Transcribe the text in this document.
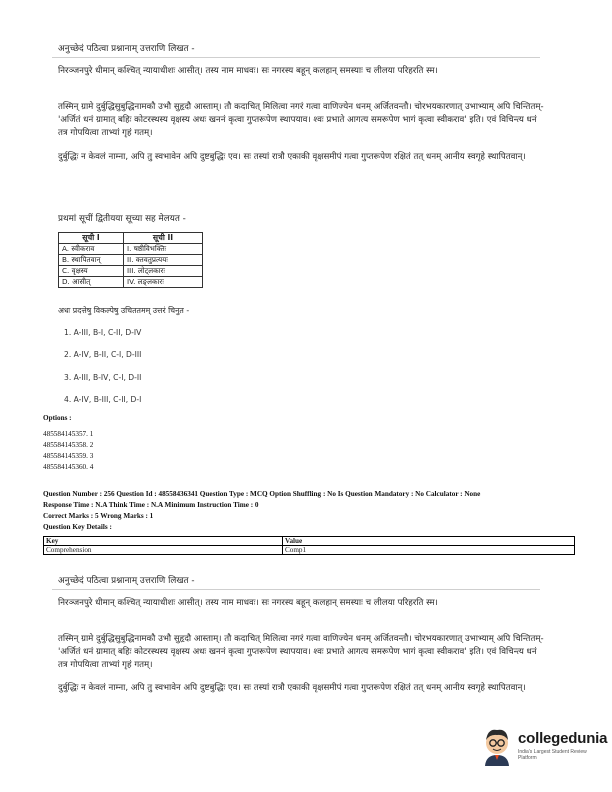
अनुच्छेदं पठित्वा प्रश्नानाम् उत्तराणि लिखत -
निरञ्जनपुरे धीमान् कश्चित् न्यायाधीशः आसीत्। तस्य नाम माधवः। सः नगरस्य बहून् कलहान् समस्याः च लीलया परिहरति स्म।
तस्मिन् ग्रामे दुर्बुद्धिसुबुद्धिनामकौ उभौ सुहृदौ आस्ताम्। तौ कदाचित् मिलित्वा नगरं गत्वा वाणिज्येन धनम् अर्जितवन्तौ। चोरभयकारणात् उभाभ्याम् अपि चिन्तितम्- 'अर्जितं धनं ग्रामात् बहिः कोटरस्थस्य वृक्षस्य अधः खननं कृत्वा गुप्तरूपेण स्थापयाव। श्वः प्रभाते आगत्य समरूपेण भागं कृत्वा स्वीकराव' इति। एवं विचिन्त्य धनं तत्र गोपयित्वा ताभ्यां गृहं गतम्।
दुर्बुद्धिः न केवलं नाम्ना, अपि तु स्वभावेन अपि दुष्टबुद्धिः एव। सः तस्यां रात्रौ एकाकी वृक्षसमीपं गत्वा गुप्तरूपेण रक्षितं तत् धनम् आनीय स्वगृहे स्थापितवान्।
प्रथमां सूचीं द्वितीयया सूच्या सह मेलयत -
सूची I	सूची II
A. स्वीकराव	I. षष्ठीविभक्तिः
B. स्थापितवान्	II. क्तवतुप्रत्ययः
C. वृक्षस्य	III. लोट्लकारः
D. आसीत्	IV. लङ्लकारः
अधः प्रदत्तेषु विकल्पेषु उचिततमम् उत्तरं चिनुत -
1. A-III, B-I, C-II, D-IV
2. A-IV, B-II, C-I, D-III
3. A-III, B-IV, C-I, D-II
4. A-IV, B-III, C-II, D-I
Options :
485584145357. 1
485584145358. 2
485584145359. 3
485584145360. 4
Question Number : 256 Question Id : 48558436341 Question Type : MCQ Option Shuffling : No Is Question Mandatory : No Calculator : None
Response Time : N.A Think Time : N.A Minimum Instruction Time : 0
Correct Marks : 5 Wrong Marks : 1
Question Key Details :
Key	Value
Comprehension	Comp1
अनुच्छेदं पठित्वा प्रश्नानाम् उत्तराणि लिखत -
निरञ्जनपुरे धीमान् कश्चित् न्यायाधीशः आसीत्। तस्य नाम माधवः। सः नगरस्य बहून् कलहान् समस्याः च लीलया परिहरति स्म।
तस्मिन् ग्रामे दुर्बुद्धिसुबुद्धिनामकौ उभौ सुहृदौ आस्ताम्। तौ कदाचित् मिलित्वा नगरं गत्वा वाणिज्येन धनम् अर्जितवन्तौ। चोरभयकारणात् उभाभ्याम् अपि चिन्तितम्- 'अर्जितं धनं ग्रामात् बहिः कोटरस्थस्य वृक्षस्य अधः खननं कृत्वा गुप्तरूपेण स्थापयाव। श्वः प्रभाते आगत्य समरूपेण भागं कृत्वा स्वीकराव' इति। एवं विचिन्त्य धनं तत्र गोपयित्वा ताभ्यां गृहं गतम्।
दुर्बुद्धिः न केवलं नाम्ना, अपि तु स्वभावेन अपि दुष्टबुद्धिः एव। सः तस्यां रात्रौ एकाकी वृक्षसमीपं गत्वा गुप्तरूपेण रक्षितं तत् धनम् आनीय स्वगृहे स्थापितवान्।
collegedunia
India's Largest Student Review Platform
